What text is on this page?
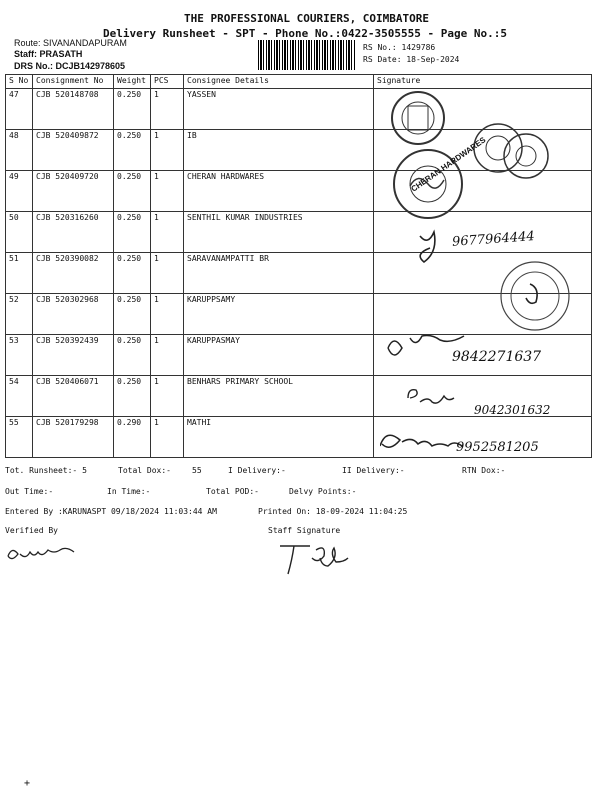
THE PROFESSIONAL COURIERS, COIMBATORE
Delivery Runsheet - SPT - Phone No.:0422-3505555 - Page No.:5
Route: SIVANANDAPURAM
Staff: PRASATH
DRS No.: DCJB142978605
RS No.: 1429786
RS Date: 18-Sep-2024
S No	Consignment No	Weight	PCS	Consignee Details	Signature
47	CJB 520148708	0.250	1	YASSEN	
48	CJB 520409872	0.250	1	IB	
49	CJB 520409720	0.250	1	CHERAN HARDWARES	
50	CJB 520316260	0.250	1	SENTHIL KUMAR INDUSTRIES	
51	CJB 520390082	0.250	1	SARAVANAMPATTI BR	
52	CJB 520302968	0.250	1	KARUPPSAMY	
53	CJB 520392439	0.250	1	KARUPPASMAY	
54	CJB 520406071	0.250	1	BENHARS PRIMARY SCHOOL	
55	CJB 520179298	0.290	1	MATHI	
CHERAN HARDWARES
9677964444
9842271637
9042301632
9952581205
Tot. Runsheet:- 5	Total Dox:-	55	I Delivery:-	II Delivery:-	RTN Dox:-
Out Time:-	In Time:-	Total POD:-	Delvy Points:-
Entered By :KARUNASPT 09/18/2024 11:03:44 AM	Printed On: 18-09-2024 11:04:25
Verified By	Staff Signature
+
